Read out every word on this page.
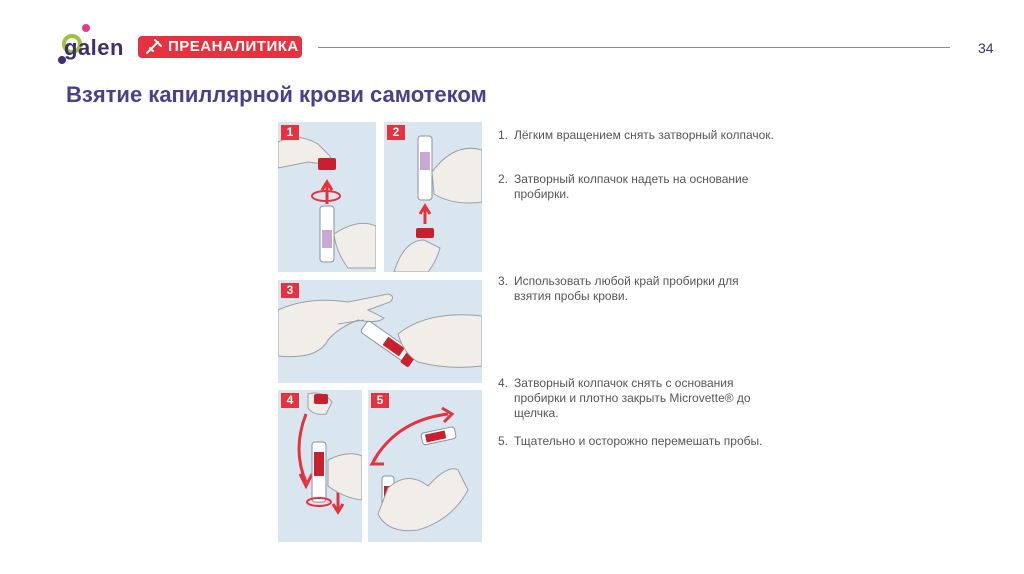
galen	ПРЕАНАЛИТИКА	34
Взятие капиллярной крови самотеком
1	2
3
4	5
1. Лёгким вращением снять затворный колпачок.
2. Затворный колпачок надеть на основание пробирки.
3. Использовать любой край пробирки для взятия пробы крови.
4. Затворный колпачок снять с основания пробирки и плотно закрыть Microvette® до щелчка.
5. Тщательно и осторожно перемешать пробы.
